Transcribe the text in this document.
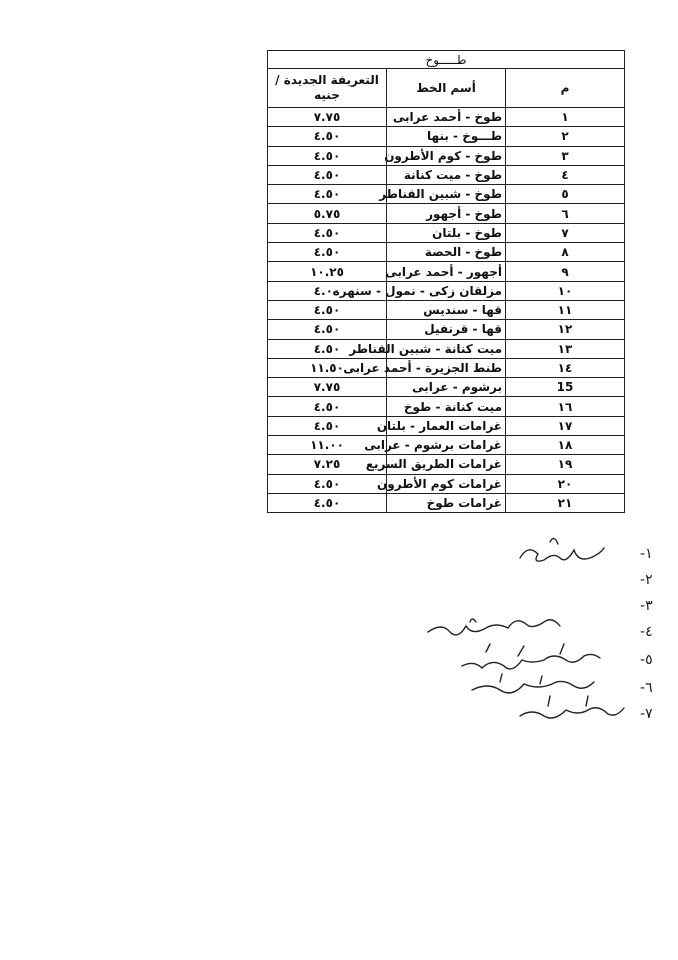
طـــــوخ		
م	أسم الخط	التعريفة الجديدة / جنيه
١	طوخ - أحمد عرابى	٧.٧٥
٢	طـــوخ - بنها	٤.٥٠
٣	طوخ - كوم الأطرون	٤.٥٠
٤	طوخ - ميت كنانة	٤.٥٠
٥	طوخ - شبين القناطر	٤.٥٠
٦	طوخ - أجهور	٥.٧٥
٧	طوخ - بلتان	٤.٥٠
٨	طوخ - الحصة	٤.٥٠
٩	أجهور - أحمد عرابى	١٠.٢٥
١٠	مزلقان زكى - نمول - سنهره	٤.٠٠
١١	قها - سنديس	٤.٥٠
١٢	قها - قرنفيل	٤.٥٠
١٣	ميت كنانة - شبين القناطر	٤.٥٠
١٤	طنط الجزيرة - أحمد عرابى	١١.٥٠
15	برشوم - عرابى	٧.٧٥
١٦	ميت كنانة - طوخ	٤.٥٠
١٧	غرامات العمار - بلتان	٤.٥٠
١٨	غرامات برشوم - عرابى	١١.٠٠
١٩	غرامات الطريق السريع	٧.٢٥
٢٠	غرامات كوم الأطرون	٤.٥٠
٢١	غرامات طوخ	٤.٥٠
١-
٢-
٣-
٤-
٥-
٦-
٧-
